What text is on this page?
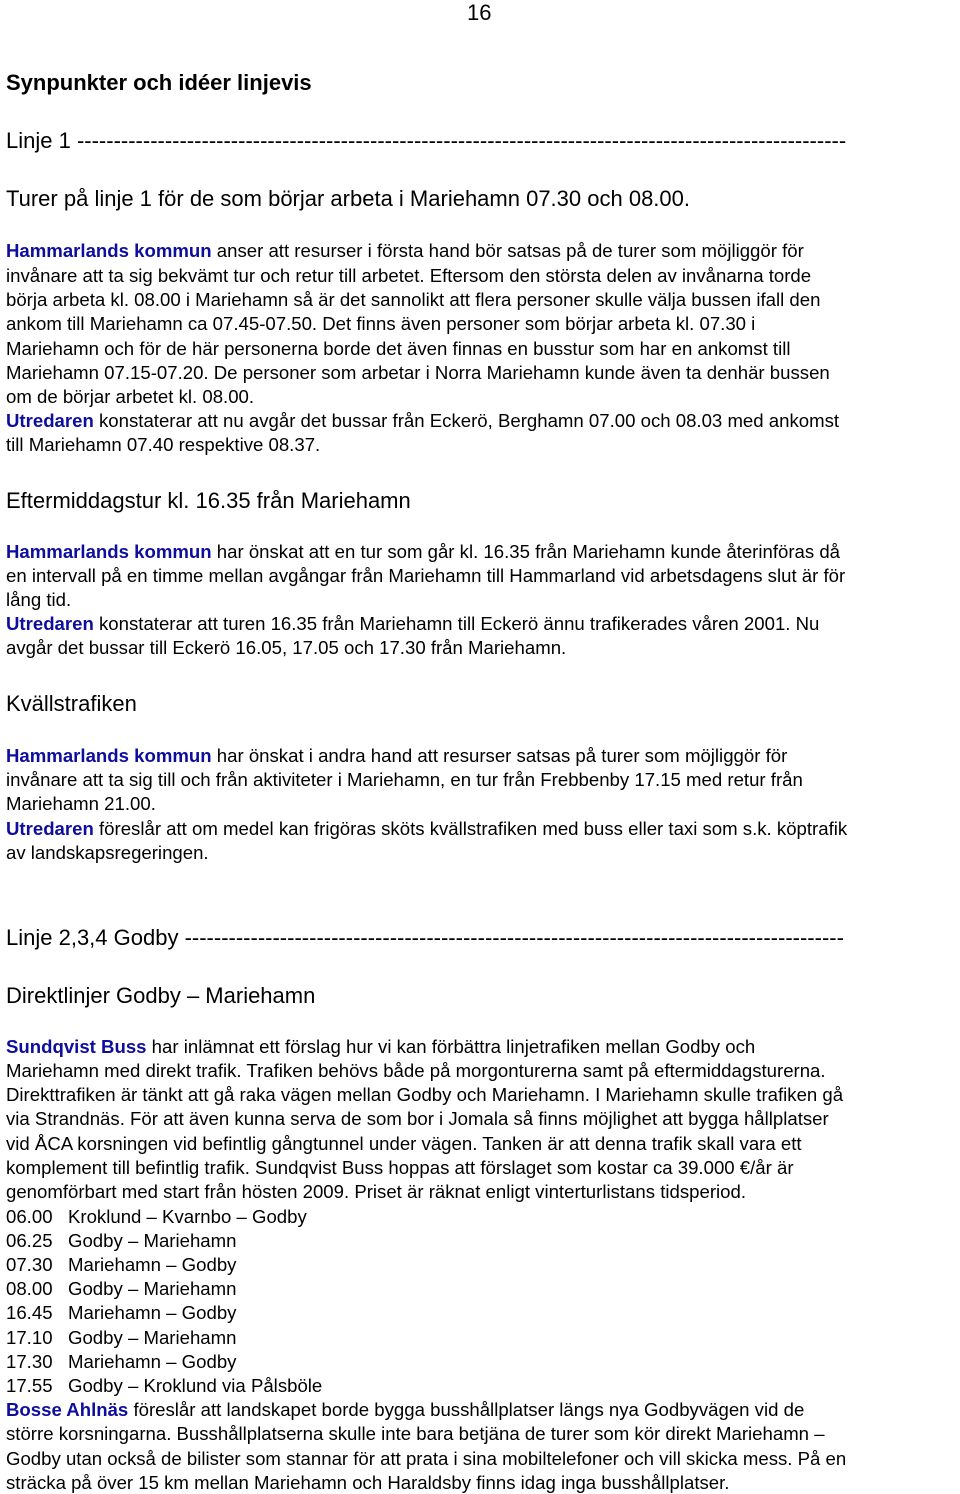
16
Synpunkter och idéer linjevis
Linje 1 ---------------------------------------------------------------------------------------------------------
Turer på linje 1 för de som börjar arbeta i Mariehamn 07.30 och 08.00.
Hammarlands kommun anser att resurser i första hand bör satsas på de turer som möjliggör för
invånare att ta sig bekvämt tur och retur till arbetet. Eftersom den största delen av invånarna torde
börja arbeta kl. 08.00 i Mariehamn så är det sannolikt att flera personer skulle välja bussen ifall den
ankom till Mariehamn ca 07.45-07.50. Det finns även personer som börjar arbeta kl. 07.30 i
Mariehamn och för de här personerna borde det även finnas en busstur som har en ankomst till
Mariehamn 07.15-07.20. De personer som arbetar i Norra Mariehamn kunde även ta denhär bussen
om de börjar arbetet kl. 08.00.
Utredaren konstaterar att nu avgår det bussar från Eckerö, Berghamn 07.00 och 08.03 med ankomst
till Mariehamn 07.40 respektive 08.37.
Eftermiddagstur kl. 16.35 från Mariehamn
Hammarlands kommun har önskat att en tur som går kl. 16.35 från Mariehamn kunde återinföras då
en intervall på en timme mellan avgångar från Mariehamn till Hammarland vid arbetsdagens slut är för
lång tid.
Utredaren konstaterar att turen 16.35 från Mariehamn till Eckerö ännu trafikerades våren 2001. Nu
avgår det bussar till Eckerö 16.05, 17.05 och 17.30 från Mariehamn.
Kvällstrafiken
Hammarlands kommun har önskat i andra hand att resurser satsas på turer som möjliggör för
invånare att ta sig till och från aktiviteter i Mariehamn, en tur från Frebbenby 17.15 med retur från
Mariehamn 21.00.
Utredaren föreslår att om medel kan frigöras sköts kvällstrafiken med buss eller taxi som s.k. köptrafik
av landskapsregeringen.
Linje 2,3,4 Godby ------------------------------------------------------------------------------------------
Direktlinjer Godby – Mariehamn
Sundqvist Buss har inlämnat ett förslag hur vi kan förbättra linjetrafiken mellan Godby och
Mariehamn med direkt trafik. Trafiken behövs både på morgonturerna samt på eftermiddagsturerna.
Direkttrafiken är tänkt att gå raka vägen mellan Godby och Mariehamn. I Mariehamn skulle trafiken gå
via Strandnäs. För att även kunna serva de som bor i Jomala så finns möjlighet att bygga hållplatser
vid ÅCA korsningen vid befintlig gångtunnel under vägen. Tanken är att denna trafik skall vara ett
komplement till befintlig trafik. Sundqvist Buss hoppas att förslaget som kostar ca 39.000 €/år är
genomförbart med start från hösten 2009. Priset är räknat enligt vinterturlistans tidsperiod.
06.00 Kroklund – Kvarnbo – Godby
06.25 Godby – Mariehamn
07.30 Mariehamn – Godby
08.00 Godby – Mariehamn
16.45 Mariehamn – Godby
17.10 Godby – Mariehamn
17.30 Mariehamn – Godby
17.55 Godby – Kroklund via Pålsböle
Bosse Ahlnäs föreslår att landskapet borde bygga busshållplatser längs nya Godbyvägen vid de
större korsningarna. Busshållplatserna skulle inte bara betjäna de turer som kör direkt Mariehamn –
Godby utan också de bilister som stannar för att prata i sina mobiltelefoner och vill skicka mess. På en
sträcka på över 15 km mellan Mariehamn och Haraldsby finns idag inga busshållplatser.
